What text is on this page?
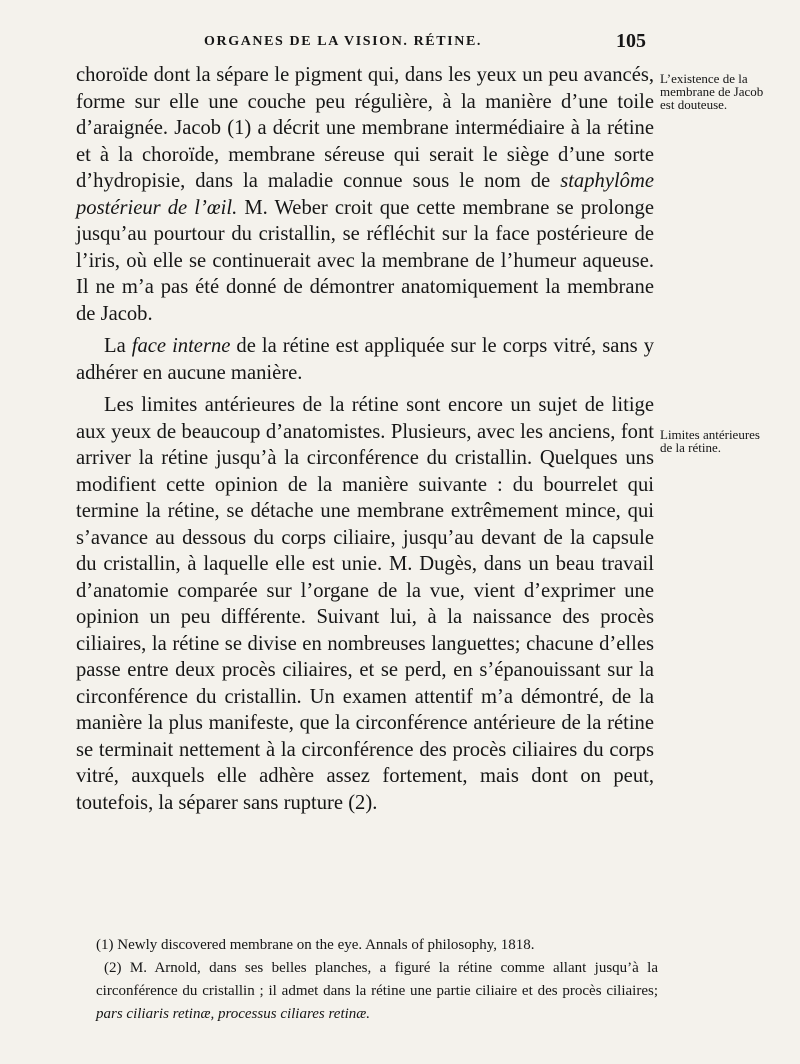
ORGANES DE LA VISION. RÉTINE.	105

choroïde dont la sépare le pigment qui, dans les yeux un peu avancés, forme sur elle une couche peu régulière, à la manière d’une toile d’araignée. Jacob (1) a décrit une membrane intermédiaire à la rétine et à la choroïde, membrane séreuse qui serait le siège d’une sorte d’hydropisie, dans la maladie connue sous le nom de staphylôme postérieur de l’œil. M. Weber croit que cette membrane se prolonge jusqu’au pourtour du cristallin, se réfléchit sur la face postérieure de l’iris, où elle se continuerait avec la membrane de l’humeur aqueuse. Il ne m’a pas été donné de démontrer anatomiquement la membrane de Jacob.

La face interne de la rétine est appliquée sur le corps vitré, sans y adhérer en aucune manière.

Les limites antérieures de la rétine sont encore un sujet de litige aux yeux de beaucoup d’anatomistes. Plusieurs, avec les anciens, font arriver la rétine jusqu’à la circonférence du cristallin. Quelques uns modifient cette opinion de la manière suivante : du bourrelet qui termine la rétine, se détache une membrane extrêmement mince, qui s’avance au dessous du corps ciliaire, jusqu’au devant de la capsule du cristallin, à laquelle elle est unie. M. Dugès, dans un beau travail d’anatomie comparée sur l’organe de la vue, vient d’exprimer une opinion un peu différente. Suivant lui, à la naissance des procès ciliaires, la rétine se divise en nombreuses languettes; chacune d’elles passe entre deux procès ciliaires, et se perd, en s’épanouissant sur la circonférence du cristallin. Un examen attentif m’a démontré, de la manière la plus manifeste, que la circonférence antérieure de la rétine se terminait nettement à la circonférence des procès ciliaires du corps vitré, auxquels elle adhère assez fortement, mais dont on peut, toutefois, la séparer sans rupture (2).

L’existence de la membrane de Jacob est douteuse.
Limites antérieures de la rétine.
(1) Newly discovered membrane on the eye. Annals of philosophy, 1818.
(2) M. Arnold, dans ses belles planches, a figuré la rétine comme allant jusqu’à la circonférence du cristallin ; il admet dans la rétine une partie ciliaire et des procès ciliaires; pars ciliaris retinæ, processus ciliares retinæ.
